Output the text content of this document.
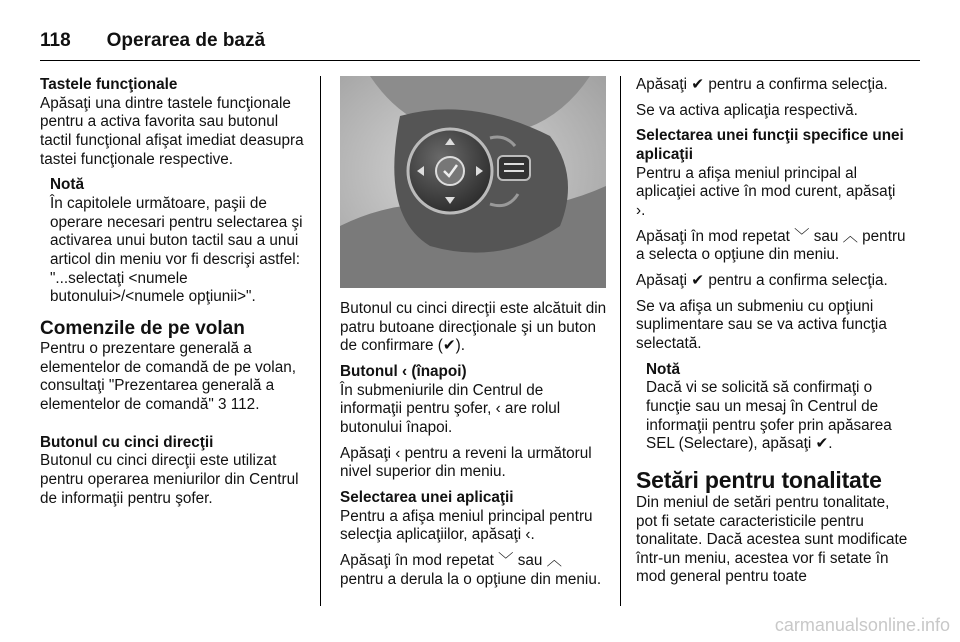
118 Operarea de bază
Tastele funcţionale

Apăsaţi una dintre tastele funcţionale pentru a activa favorita sau butonul tactil funcţional afişat imediat deasupra tastei funcţionale respective.

Notă
În capitolele următoare, paşii de operare necesari pentru selectarea şi activarea unui buton tactil sau a unui articol din meniu vor fi descrişi astfel: "...selectaţi <numele butonului>/<numele opţiunii>".
Comenzile de pe volan

Pentru o prezentare generală a elementelor de comandă de pe volan, consultaţi "Prezentarea generală a elementelor de comandă" 3 112.

Butonul cu cinci direcţii

Butonul cu cinci direcţii este utilizat pentru operarea meniurilor din Centrul de informaţii pentru şofer.

Butonul cu cinci direcţii este alcătuit din patru butoane direcţionale şi un buton de confirmare (✔).

Butonul ‹ (înapoi)

În submeniurile din Centrul de informaţii pentru şofer, ‹ are rolul butonului înapoi.

Apăsaţi ‹ pentru a reveni la următorul nivel superior din meniu.

Selectarea unei aplicaţii

Pentru a afişa meniul principal pentru selecţia aplicaţiilor, apăsaţi ‹.

Apăsaţi în mod repetat ﹀ sau ︿ pentru a derula la o opţiune din meniu.

Apăsaţi ✔ pentru a confirma selecţia.

Se va activa aplicaţia respectivă.

Selectarea unei funcţii specifice unei aplicaţii

Pentru a afişa meniul principal al aplicaţiei active în mod curent, apăsaţi ›.

Apăsaţi în mod repetat ﹀ sau ︿ pentru a selecta o opţiune din meniu.

Apăsaţi ✔ pentru a confirma selecţia.

Se va afişa un submeniu cu opţiuni suplimentare sau se va activa funcţia selectată.

Notă
Dacă vi se solicită să confirmaţi o funcţie sau un mesaj în Centrul de informaţii pentru şofer prin apăsarea SEL (Selectare), apăsaţi ✔.
Setări pentru tonalitate

Din meniul de setări pentru tonalitate, pot fi setate caracteristicile pentru tonalitate. Dacă acestea sunt modificate într-un meniu, acestea vor fi setate în mod general pentru toate

carmanualsonline.info
